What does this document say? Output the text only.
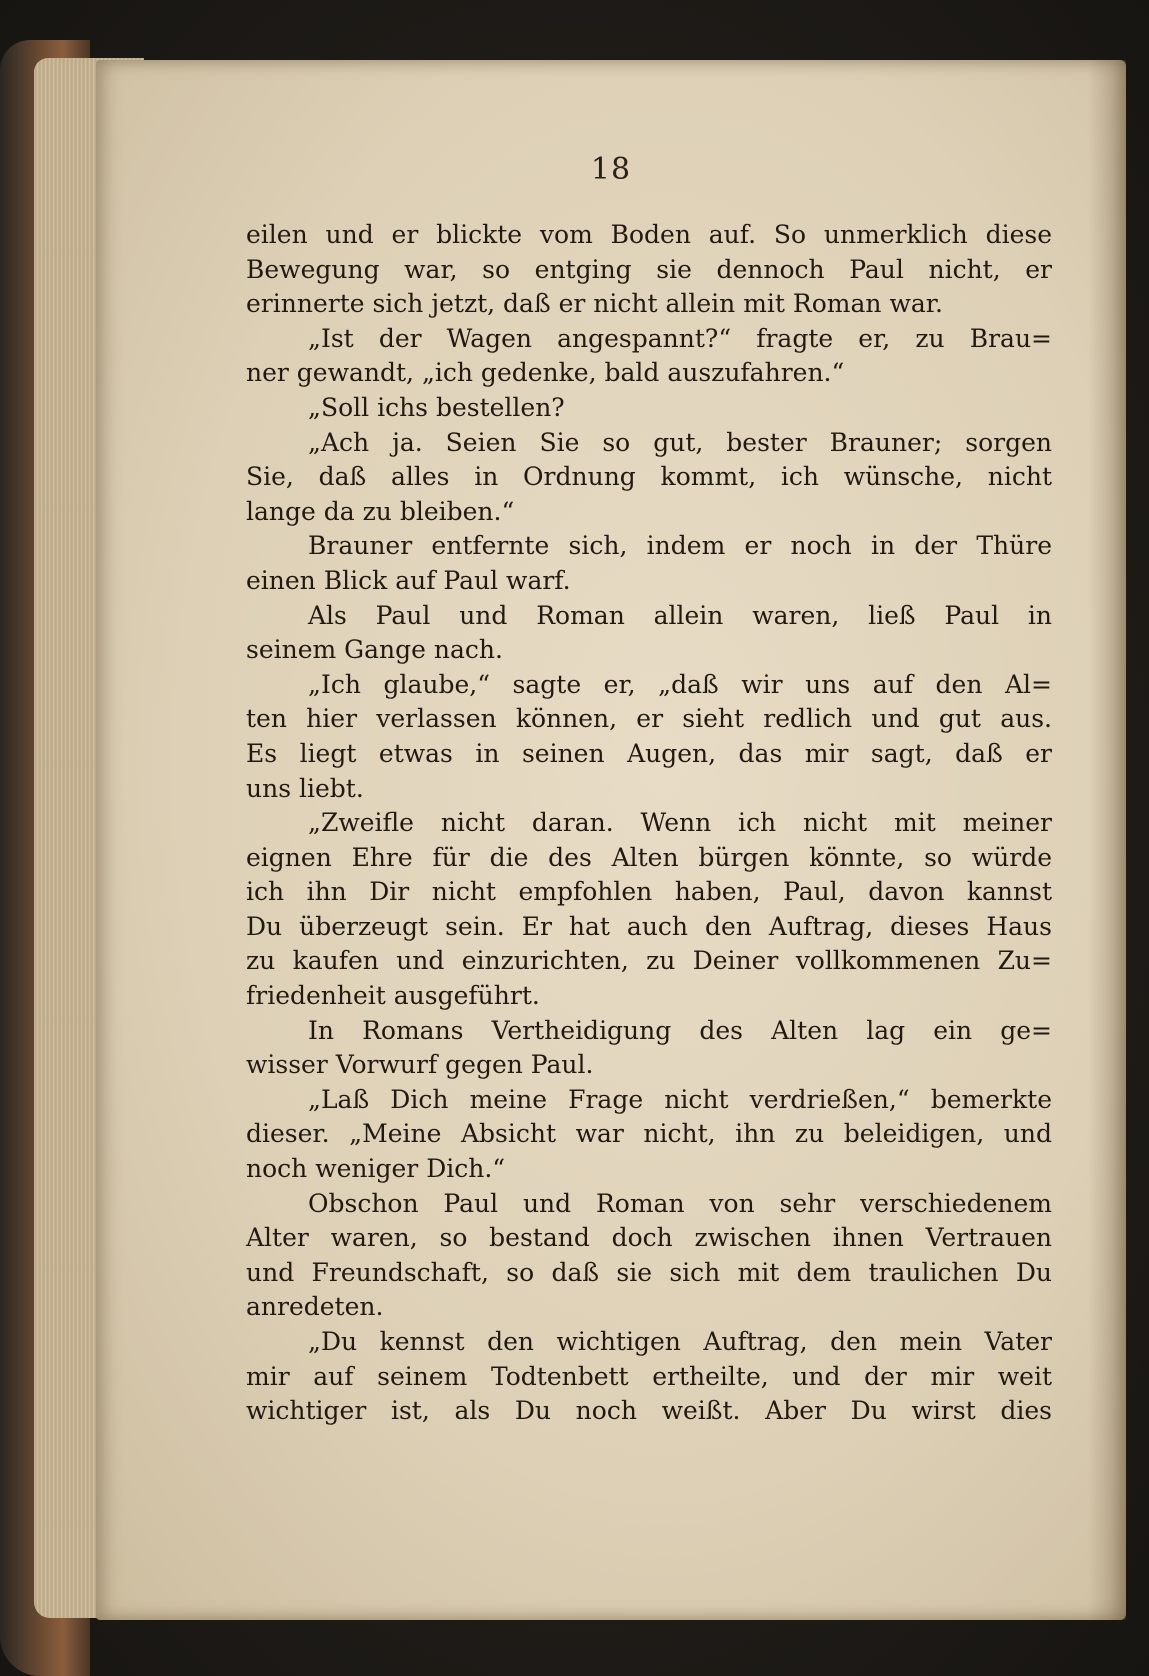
18

eilen und er blickte vom Boden auf. So unmerklich diese
Bewegung war, so entging sie dennoch Paul nicht, er
erinnerte sich jetzt, daß er nicht allein mit Roman war.
„Ist der Wagen angespannt?“ fragte er, zu Brau=
ner gewandt, „ich gedenke, bald auszufahren.“
„Soll ichs bestellen?
„Ach ja. Seien Sie so gut, bester Brauner; sorgen
Sie, daß alles in Ordnung kommt, ich wünsche, nicht
lange da zu bleiben.“
Brauner entfernte sich, indem er noch in der Thüre
einen Blick auf Paul warf.
Als Paul und Roman allein waren, ließ Paul in
seinem Gange nach.
„Ich glaube,“ sagte er, „daß wir uns auf den Al=
ten hier verlassen können, er sieht redlich und gut aus.
Es liegt etwas in seinen Augen, das mir sagt, daß er
uns liebt.
„Zweifle nicht daran. Wenn ich nicht mit meiner
eignen Ehre für die des Alten bürgen könnte, so würde
ich ihn Dir nicht empfohlen haben, Paul, davon kannst
Du überzeugt sein. Er hat auch den Auftrag, dieses Haus
zu kaufen und einzurichten, zu Deiner vollkommenen Zu=
friedenheit ausgeführt.
In Romans Vertheidigung des Alten lag ein ge=
wisser Vorwurf gegen Paul.
„Laß Dich meine Frage nicht verdrießen,“ bemerkte
dieser. „Meine Absicht war nicht, ihn zu beleidigen, und
noch weniger Dich.“
Obschon Paul und Roman von sehr verschiedenem
Alter waren, so bestand doch zwischen ihnen Vertrauen
und Freundschaft, so daß sie sich mit dem traulichen Du
anredeten.
„Du kennst den wichtigen Auftrag, den mein Vater
mir auf seinem Todtenbett ertheilte, und der mir weit
wichtiger ist, als Du noch weißt. Aber Du wirst dies
